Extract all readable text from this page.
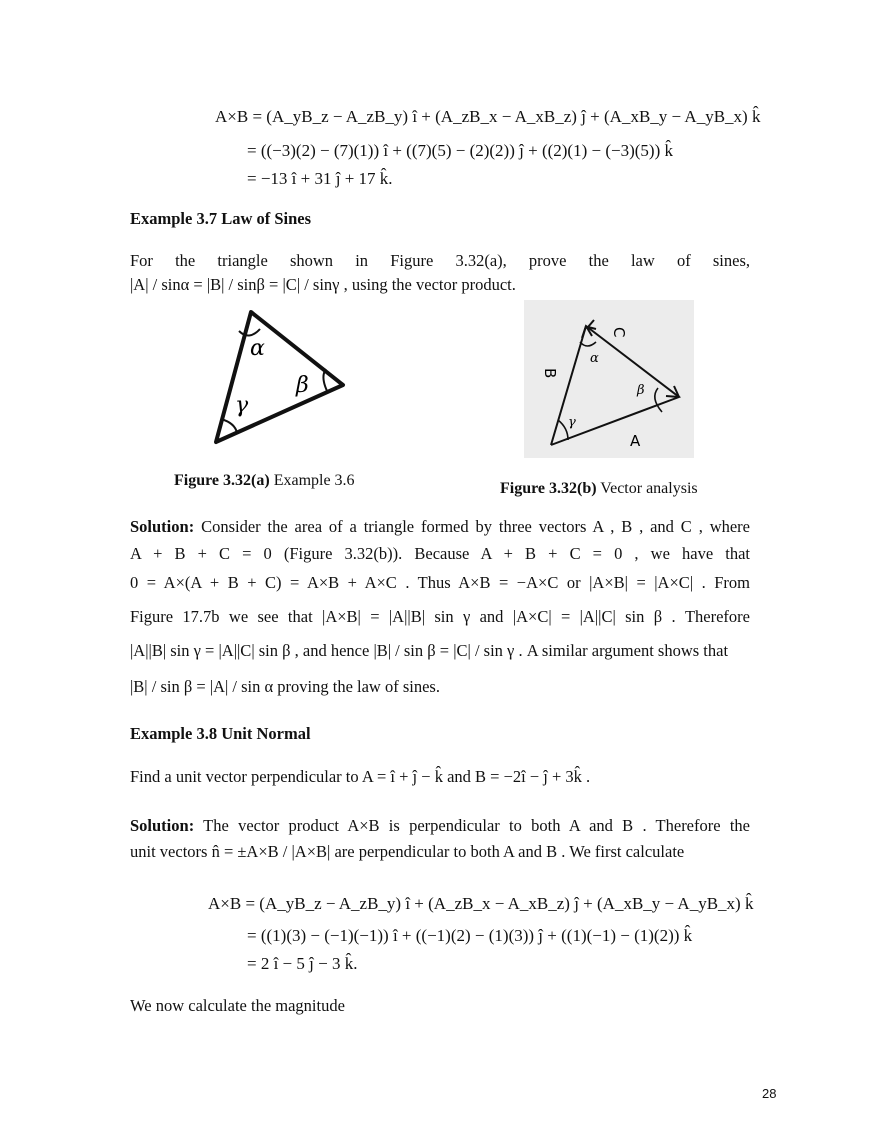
A×B = (A_yB_z − A_zB_y) î + (A_zB_x − A_xB_z) ĵ + (A_xB_y − A_yB_x) k̂
= ((−3)(2) − (7)(1)) î + ((7)(5) − (2)(2)) ĵ + ((2)(1) − (−3)(5)) k̂
= −13 î + 31 ĵ + 17 k̂.
Example 3.7 Law of Sines
For the triangle shown in Figure 3.32(a), prove the law of sines,
|A| / sinα = |B| / sinβ = |C| / sinγ , using the vector product.
α
β
γ
Figure 3.32(a) Example 3.6
C
B
A
α
β
γ
Figure 3.32(b) Vector analysis
Solution: Consider the area of a triangle formed by three vectors A , B , and C , where
A + B + C = 0 (Figure 3.32(b)). Because A + B + C = 0 , we have that
0 = A×(A + B + C) = A×B + A×C . Thus A×B = −A×C or |A×B| = |A×C| . From
Figure 17.7b we see that |A×B| = |A||B| sin γ and |A×C| = |A||C| sin β . Therefore
|A||B| sin γ = |A||C| sin β , and hence |B| / sin β = |C| / sin γ . A similar argument shows that
|B| / sin β = |A| / sin α proving the law of sines.
Example 3.8 Unit Normal
Find a unit vector perpendicular to A = î + ĵ − k̂ and B = −2î − ĵ + 3k̂ .
Solution: The vector product A×B is perpendicular to both A and B . Therefore the
unit vectors n̂ = ±A×B / |A×B| are perpendicular to both A and B . We first calculate
A×B = (A_yB_z − A_zB_y) î + (A_zB_x − A_xB_z) ĵ + (A_xB_y − A_yB_x) k̂
= ((1)(3) − (−1)(−1)) î + ((−1)(2) − (1)(3)) ĵ + ((1)(−1) − (1)(2)) k̂
= 2 î − 5 ĵ − 3 k̂.
We now calculate the magnitude
28
